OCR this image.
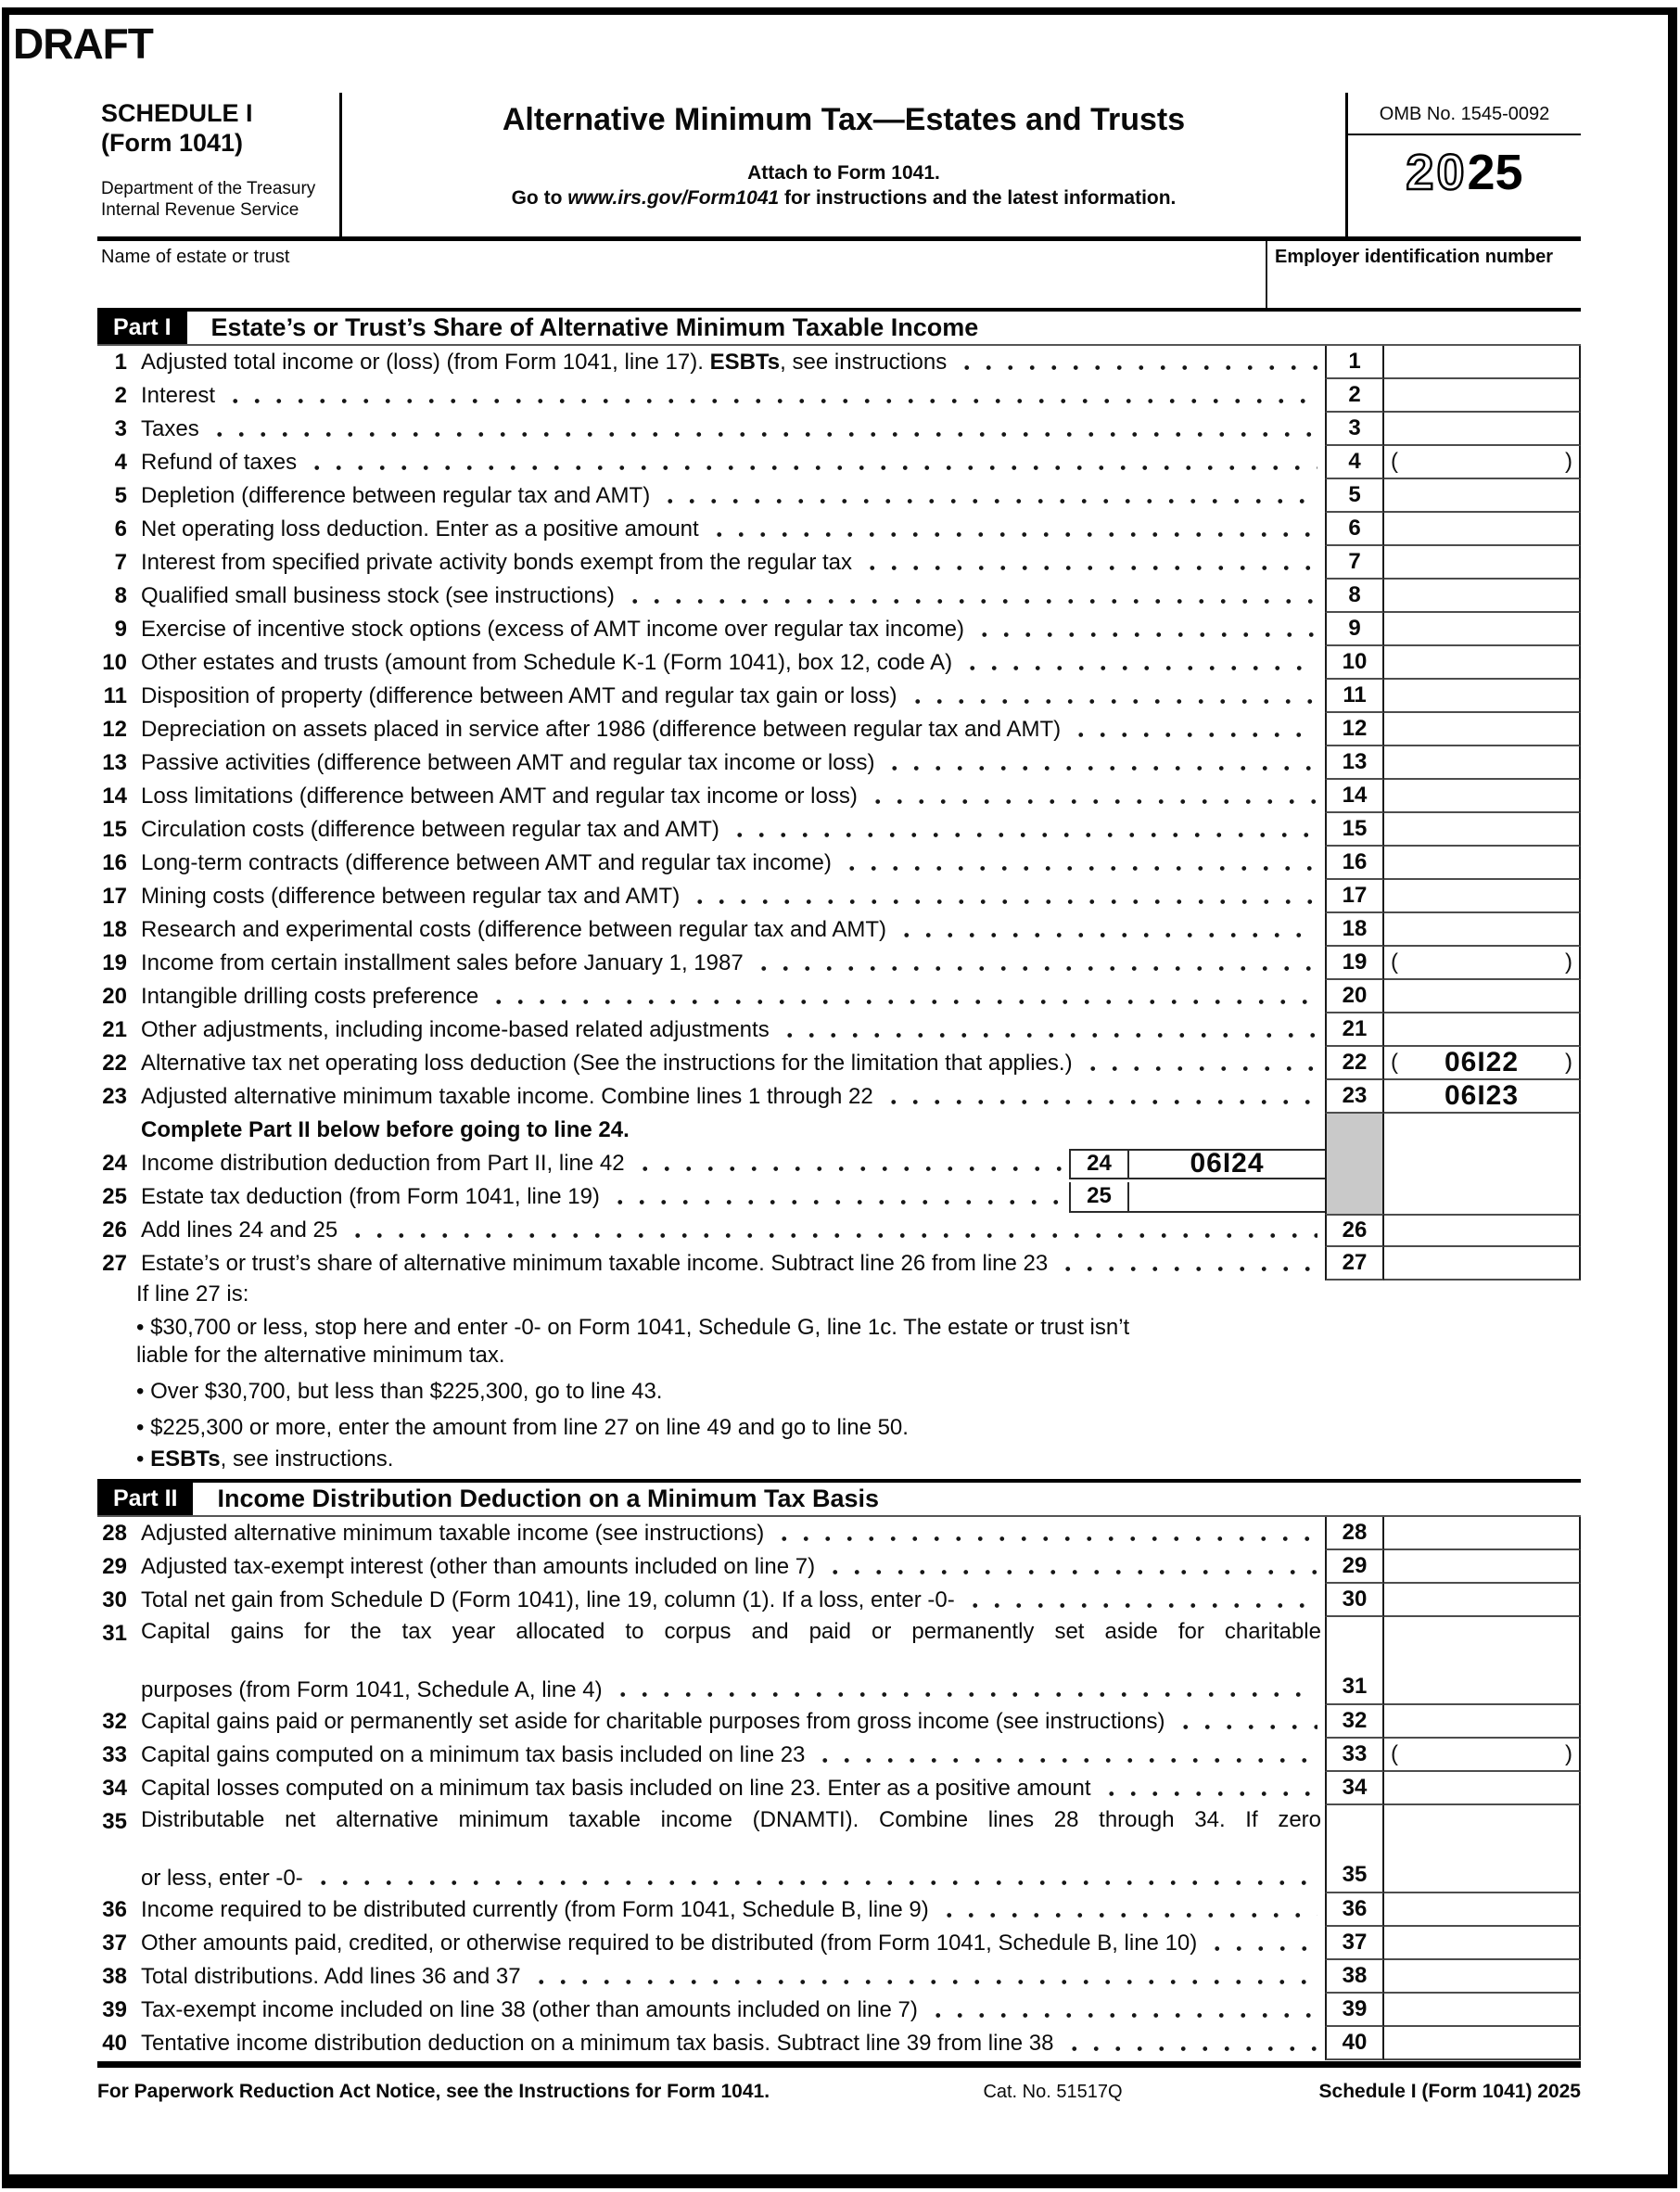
DRAFT
SCHEDULE I
(Form 1041)
Department of the Treasury
Internal Revenue Service
Alternative Minimum Tax—Estates and Trusts
Attach to Form 1041.
Go to www.irs.gov/Form1041 for instructions and the latest information.
OMB No. 1545-0092
2025
Name of estate or trust	Employer identification number
Part I	Estate’s or Trust’s Share of Alternative Minimum Taxable Income
1 Adjusted total income or (loss) (from Form 1041, line 17). ESBTs, see instructions	1
2 Interest	2
3 Taxes	3
4 Refund of taxes	4	(	)
5 Depletion (difference between regular tax and AMT)	5
6 Net operating loss deduction. Enter as a positive amount	6
7 Interest from specified private activity bonds exempt from the regular tax	7
8 Qualified small business stock (see instructions)	8
9 Exercise of incentive stock options (excess of AMT income over regular tax income)	9
10 Other estates and trusts (amount from Schedule K-1 (Form 1041), box 12, code A)	10
11 Disposition of property (difference between AMT and regular tax gain or loss)	11
12 Depreciation on assets placed in service after 1986 (difference between regular tax and AMT)	12
13 Passive activities (difference between AMT and regular tax income or loss)	13
14 Loss limitations (difference between AMT and regular tax income or loss)	14
15 Circulation costs (difference between regular tax and AMT)	15
16 Long-term contracts (difference between AMT and regular tax income)	16
17 Mining costs (difference between regular tax and AMT)	17
18 Research and experimental costs (difference between regular tax and AMT)	18
19 Income from certain installment sales before January 1, 1987	19	(	)
20 Intangible drilling costs preference	20
21 Other adjustments, including income-based related adjustments	21
22 Alternative tax net operating loss deduction (See the instructions for the limitation that applies.)	22	(	06I22	)
23 Adjusted alternative minimum taxable income. Combine lines 1 through 22	23	06I23
Complete Part II below before going to line 24.
24 Income distribution deduction from Part II, line 42	24	06I24
25 Estate tax deduction (from Form 1041, line 19)	25
26 Add lines 24 and 25	26
27 Estate’s or trust’s share of alternative minimum taxable income. Subtract line 26 from line 23	27
If line 27 is:
• $30,700 or less, stop here and enter -0- on Form 1041, Schedule G, line 1c. The estate or trust isn’t
liable for the alternative minimum tax.
• Over $30,700, but less than $225,300, go to line 43.
• $225,300 or more, enter the amount from line 27 on line 49 and go to line 50.
• ESBTs, see instructions.
Part II	Income Distribution Deduction on a Minimum Tax Basis
28 Adjusted alternative minimum taxable income (see instructions)	28
29 Adjusted tax-exempt interest (other than amounts included on line 7)	29
30 Total net gain from Schedule D (Form 1041), line 19, column (1). If a loss, enter -0-	30
31 Capital gains for the tax year allocated to corpus and paid or permanently set aside for charitable
purposes (from Form 1041, Schedule A, line 4)	31
32 Capital gains paid or permanently set aside for charitable purposes from gross income (see instructions)	32
33 Capital gains computed on a minimum tax basis included on line 23	33	(	)
34 Capital losses computed on a minimum tax basis included on line 23. Enter as a positive amount	34
35 Distributable net alternative minimum taxable income (DNAMTI). Combine lines 28 through 34. If zero
or less, enter -0-	35
36 Income required to be distributed currently (from Form 1041, Schedule B, line 9)	36
37 Other amounts paid, credited, or otherwise required to be distributed (from Form 1041, Schedule B, line 10)	37
38 Total distributions. Add lines 36 and 37	38
39 Tax-exempt income included on line 38 (other than amounts included on line 7)	39
40 Tentative income distribution deduction on a minimum tax basis. Subtract line 39 from line 38	40
For Paperwork Reduction Act Notice, see the Instructions for Form 1041.	Cat. No. 51517Q	Schedule I (Form 1041) 2025
